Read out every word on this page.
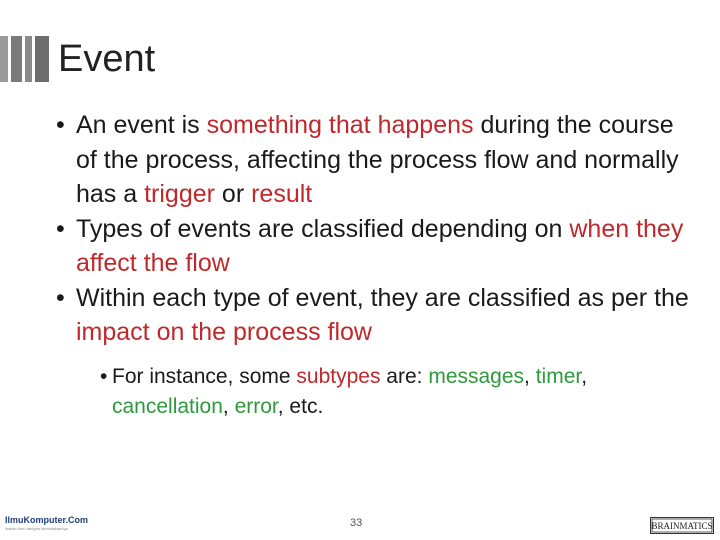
Event
• An event is something that happens during the course of the process, affecting the process flow and normally has a trigger or result
• Types of events are classified depending on when they affect the flow
• Within each type of event, they are classified as per the impact on the process flow
• For instance, some subtypes are: messages, timer, cancellation, error, etc.
IlmuKomputer.Com
Ikatlah Ilmu dengan Menuliskannya	33	BRAINMATICS
